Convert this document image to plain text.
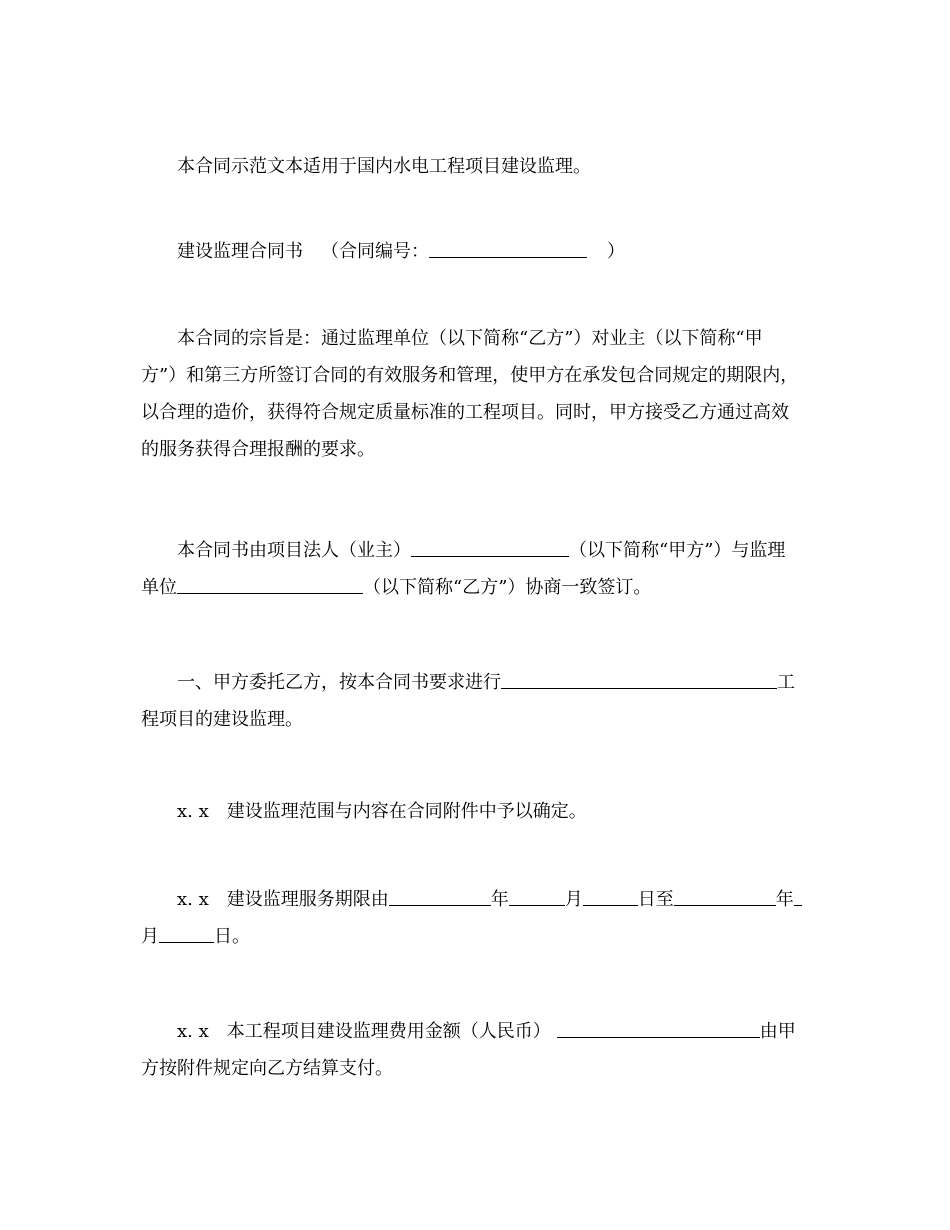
本合同示范文本适用于国内水电工程项目建设监理。

建设监理合同书 （合同编号：	）

本合同的宗旨是：通过监理单位（以下简称“乙方”）对业主（以下简称“甲
方”）和第三方所签订合同的有效服务和管理，使甲方在承发包合同规定的期限内，
以合理的造价，获得符合规定质量标准的工程项目。同时，甲方接受乙方通过高效
的服务获得合理报酬的要求。

本合同书由项目法人（业主）	（以下简称“甲方”）与监理
单位	（以下简称“乙方”）协商一致签订。

一、甲方委托乙方，按本合同书要求进行	工
程项目的建设监理。

x. x 建设监理范围与内容在合同附件中予以确定。

x. x 建设监理服务期限由	年	月	日至	年
月	日。

x. x 本工程项目建设监理费用金额（人民币）	由甲
方按附件规定向乙方结算支付。
